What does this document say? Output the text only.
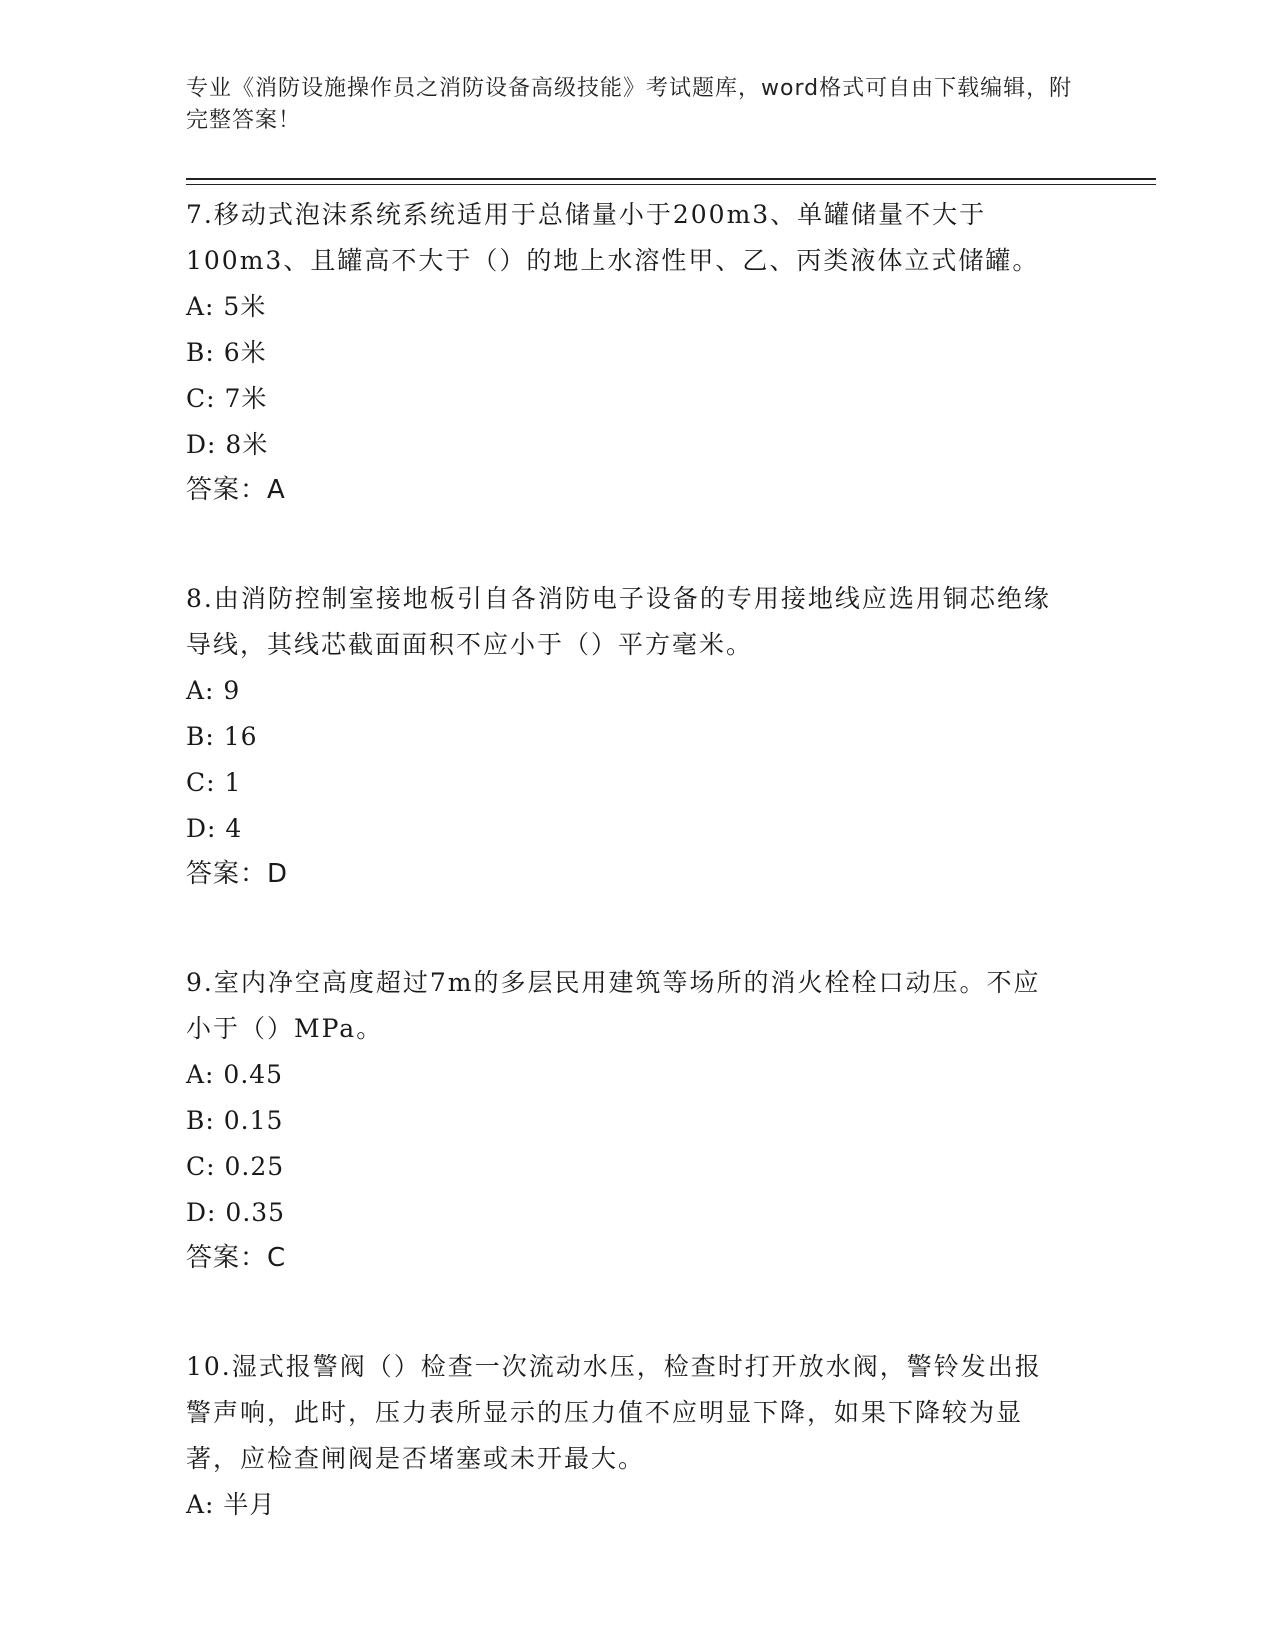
专业《消防设施操作员之消防设备高级技能》考试题库，word格式可自由下载编辑，附完整答案！

7.移动式泡沫系统系统适用于总储量小于200m3、单罐储量不大于100m3、且罐高不大于（）的地上水溶性甲、乙、丙类液体立式储罐。

A: 5米

B: 6米

C: 7米

D: 8米

答案：A

8.由消防控制室接地板引自各消防电子设备的专用接地线应选用铜芯绝缘导线，其线芯截面面积不应小于（）平方毫米。

A: 9

B: 16

C: 1

D: 4

答案：D

9.室内净空高度超过7m的多层民用建筑等场所的消火栓栓口动压。不应小于（）MPa。

A: 0.45

B: 0.15

C: 0.25

D: 0.35

答案：C

10.湿式报警阀（）检查一次流动水压，检查时打开放水阀，警铃发出报警声响，此时，压力表所显示的压力值不应明显下降，如果下降较为显著，应检查闸阀是否堵塞或未开最大。

A: 半月
